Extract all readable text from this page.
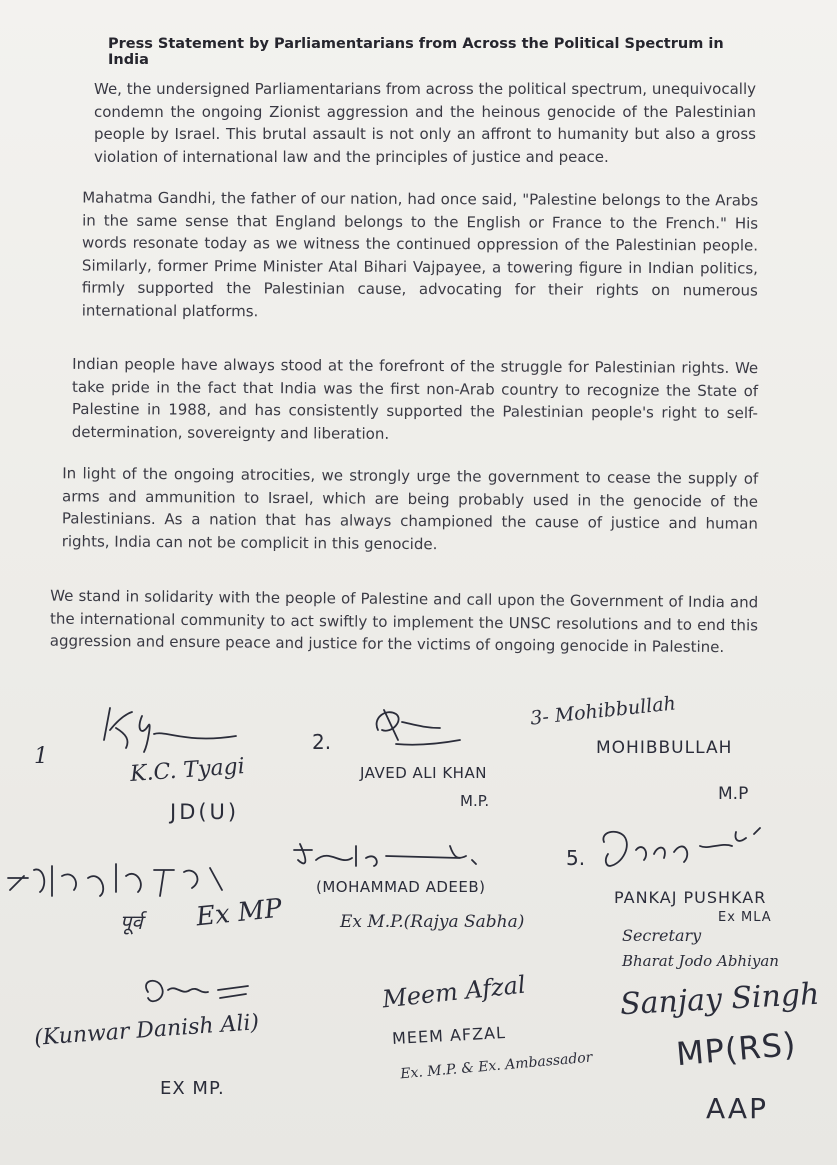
Press Statement by Parliamentarians from Across the Political Spectrum in India

We, the undersigned Parliamentarians from across the political spectrum, unequivocally condemn the ongoing Zionist aggression and the heinous genocide of the Palestinian people by Israel. This brutal assault is not only an affront to humanity but also a gross violation of international law and the principles of justice and peace.

Mahatma Gandhi, the father of our nation, had once said, "Palestine belongs to the Arabs in the same sense that England belongs to the English or France to the French." His words resonate today as we witness the continued oppression of the Palestinian people. Similarly, former Prime Minister Atal Bihari Vajpayee, a towering figure in Indian politics, firmly supported the Palestinian cause, advocating for their rights on numerous international platforms.

Indian people have always stood at the forefront of the struggle for Palestinian rights. We take pride in the fact that India was the first non-Arab country to recognize the State of Palestine in 1988, and has consistently supported the Palestinian people's right to self-determination, sovereignty and liberation.

In light of the ongoing atrocities, we strongly urge the government to cease the supply of arms and ammunition to Israel, which are being probably used in the genocide of the Palestinians. As a nation that has always championed the cause of justice and human rights, India can not be complicit in this genocide.

We stand in solidarity with the people of Palestine and call upon the Government of India and the international community to act swiftly to implement the UNSC resolutions and to end this aggression and ensure peace and justice for the victims of ongoing genocide in Palestine.

1	K.C. Tyagi
JD(U)
2.
JAVED ALI KHAN
M.P.
3- Mohibbullah
MOHIBBULLAH
M.P
पूर्व Ex MP
(MOHAMMAD ADEEB)
Ex M.P.(Rajya Sabha)
5.
PANKAJ PUSHKAR
Ex MLA
Secretary
Bharat Jodo Abhiyan
(Kunwar Danish Ali)
EX MP.
Meem Afzal
MEEM AFZAL
Ex. M.P. & Ex. Ambassador
Sanjay Singh
MP(RS)
AAP
